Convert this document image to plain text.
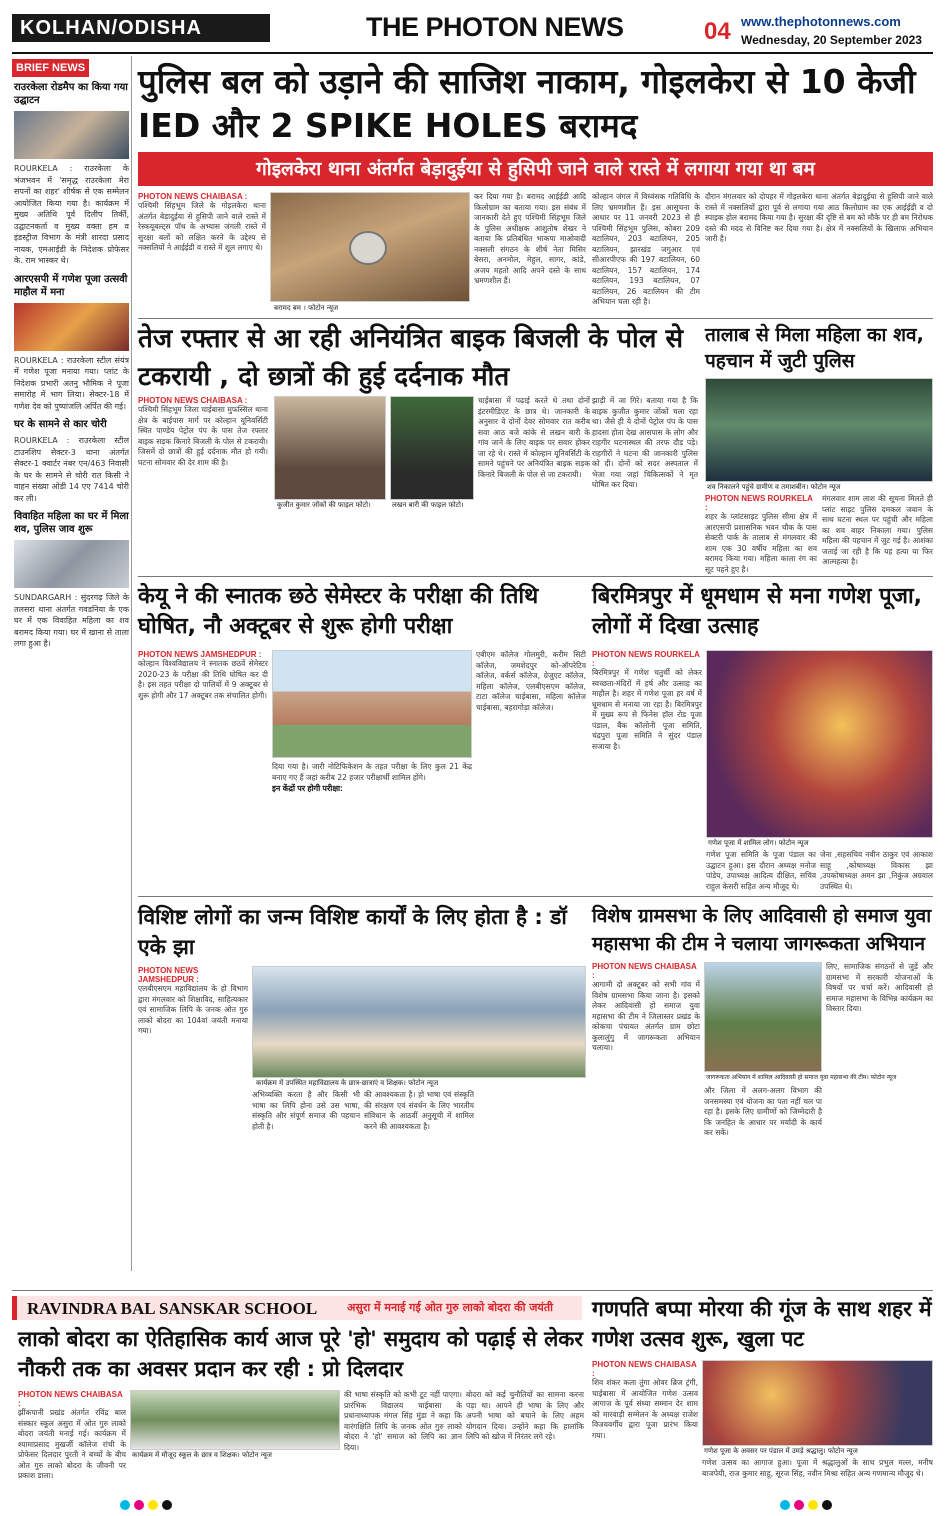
KOLHAN/ODISHA	THE PHOTON NEWS	04 www.thephotonnews.com
Wednesday, 20 September 2023
BRIEF NEWS
राउरकेला रोडमैप का किया गया उद्घाटन
ROURKELA : राउरकेला के भंजभवन में 'समृद्ध राउरकेला मेरा सपनों का शहर' शीर्षक से एक सम्मेलन आयोजित किया गया है। कार्यक्रम में मुख्य अतिथि पूर्व दिलीप तिर्की, उद्घाटनकर्ता व मुख्य वक्ता हम व इंडस्ट्रीज विभाग के मंत्री शारदा प्रसाद नायक, एमआईडी के निदेशक प्रोफेसर के. राम भास्कर थे।
आरएसपी में गणेश पूजा उत्सवी माहौल में मना
ROURKELA : राउरकेला स्टील संयंत्र में गणेश पूजा मनाया गया। प्लांट के निदेशक प्रभारी अतनु भौमिक ने पूजा समारोह में भाग लिया। सेक्टर-18 में गणेश देव को पुष्पांजलि अर्पित की गई।
घर के सामने से कार चोरी
ROURKELA : राउरकेला स्टील टाउनशिप सेक्टर-3 थाना अंतर्गत सेक्टर-1 क्वार्टर नंबर एन/463 निवासी के घर के सामने से चोरी रात किसी ने वाहन संख्या ओडी 14 एए 7414 चोरी कर ली।
विवाहित महिला का घर में मिला शव, पुलिस जाव शुरू
SUNDARGARH : सुंदरगढ़ जिले के तलसरा थाना अंतर्गत गवडनिया के एक घर में एक विवाहित महिला का शव बरामद किया गया। घर में खाना से ताला लगा हुआ है।
पुलिस बल को उड़ाने की साजिश नाकाम, गोइलकेरा से 10 केजी IED और 2 SPIKE HOLES बरामद
गोइलकेरा थाना अंतर्गत बेड़ादुईया से हुसिपी जाने वाले रास्ते में लगाया गया था बम
PHOTON NEWS CHAIBASA :
पश्चिमी सिंहभूम जिले के गोइलकेरा थाना अंतर्गत बेड़ादुईया से हुसिपी जाने वाले रास्ते में रेस्कयूबल्ट्स पॉथ के अभ्यास जंगली रास्ते में सुरक्षा बलों को लक्षित करने के उद्देश्य से नक्सलियों ने आईईडी व रास्ते में शूल लगाए थे।
बरामद बम । फोटोन न्यूज
कर दिया गया है। बरामद आईईडी आदि किलोग्राम का बताया गया। इस संबंध में जानकारी देते हुए पश्चिमी सिंहभूम जिले के पुलिस अधीक्षक आशुतोष शेखर ने बताया कि प्रतिबंधित भाकपा माओवादी नक्सली संगठन के शीर्ष नेता मिसिर बेसरा, अनमोल, मेहुल, सागर, कांडे, अजय महतो आदि अपने दस्ते के साथ भ्रमणशील हैं।
कोल्हान जंगल में विध्वंसक गतिविधि के लिए भ्रमणशील हैं। इस आसूचना के आधार पर 11 जनवरी 2023 से ही पश्चिमी सिंहभूम पुलिस, कोबरा 209 बटालियन, 203 बटालियन, 205 बटालियन, झारखंड जगुआर एवं सीआरपीएफ की 197 बटालियन, 60 बटालियन, 157 बटालियन, 174 बटालियन, 193 बटालियन, 07 बटालियन, 26 बटालियन की टीम अभियान चला रही है।
दौरान मंगलवार को दोपहर में गोइलकेरा थाना अंतर्गत बेड़ादुईया से हुसिपी जाने वाले रास्ते में नक्सलियों द्वारा पूर्व से लगाया गया आठ किलोग्राम का एक आईईडी व दो स्पाइक होल बरामद किया गया है। सुरक्षा की दृष्टि से बम को मौके पर ही बम निरोधक दस्ते की मदद से विनिष्ट कर दिया गया है। क्षेत्र में नक्सलियों के खिलाफ अभियान जारी है।
तेज रफ्तार से आ रही अनियंत्रित बाइक बिजली के पोल से टकरायी , दो छात्रों की हुई दर्दनाक मौत
PHOTON NEWS CHAIBASA :
पश्चिमी सिंहभूम जिला चाईबासा मुफस्सिल थाना क्षेत्र के बाईपास मार्ग पर कोल्हान यूनिवर्सिटी स्थित पाण्डेय पेट्रोल पंप के पास तेज रफ्तार बाइक सड़क किनारे बिजली के पोल से टकरायी। जिसमें दो छात्रों की हुई दर्दनाक मौत हो गयी। घटना सोमवार की देर शाम की है।
कुजीत कुमार जोंकों की फाइल फोटो।	लखन बारी की फाइल फोटो।
चाईबासा में पढ़ाई करते थे तथा दोनों इंटरमीडिएट के छात्र थे। जानकारी के अनुसार वे दोनों देवर सोमवार रात करीब सवा आठ बजे कांके से लखन बारी के गांव जाने के लिए बाइक पर सवार होकर जा रहे थे। रास्ते में कोल्हान यूनिवर्सिटी के सामने पहुंचने पर अनियंत्रित बाइक सड़क किनारे बिजली के पोल से जा टकरायी।
झाड़ी में जा गिरे। बताया गया है कि बाइक कुजीत कुमार जोंकों चला रहा था। जैसे ही ये दोनों पेट्रोल पंप के पास हादसा होता देख आसपास के लोग और राहगीर घटनास्थल की तरफ दौड़ पड़े। राहगीरों ने घटना की जानकारी पुलिस को दी। दोनों को सदर अस्पताल में भेजा गया जहां चिकित्सकों ने मृत घोषित कर दिया।
तालाब से मिला महिला का शव, पहचान में जुटी पुलिस
शव निकालने पहुंचे ग्रामीण व तमाशबीन। फोटोन न्यूज
PHOTON NEWS ROURKELA :
शहर के प्लांटसाइट पुलिस सीमा क्षेत्र में आरएसपी प्रशासनिक भवन चौक के पास सेक्टरी पार्क के तालाब से मंगलवार की शाम एक 30 वर्षीय महिला का शव बरामद किया गया। महिला काला रंग का सूट पहने हुए है।
मंगलवार शाम लाश की सूचना मिलते ही प्लांट साइट पुलिस दमकल जवान के साथ घटना स्थल पर पहुंची और महिला का शव बाहर निकाला गया। पुलिस महिला की पहचान में जुट गई है। आशंका जताई जा रही है कि यह हत्या या फिर आत्महत्या है।
केयू ने की स्नातक छठे सेमेस्टर के परीक्षा की तिथि घोषित, नौ अक्टूबर से शुरू होगी परीक्षा
PHOTON NEWS JAMSHEDPUR :
कोल्हान विश्वविद्यालय ने स्नातक छठवें सेमेस्टर 2020-23 के परीक्षा की तिथि घोषित कर दी है। इस तहत परीक्षा दो पालियों में 9 अक्टूबर से शुरू होगी और 17 अक्टूबर तक संचालित होगी।
दिया गया है। जारी नोटिफिकेशन के तहत परीक्षा के लिए कुल 21 केंद्र बनाए गए हैं जहां करीब 22 हजार परीक्षार्थी शामिल होंगे।
इन केंद्रों पर होगी परीक्षा:
एबीएम कॉलेज गोलमुरी, करीम सिटी कॉलेज, जमशेदपुर को-ऑपरेटिव कॉलेज, वर्कर्स कॉलेज, ग्रेजुएट कॉलेज, महिला कॉलेज, एलबीएसएम कॉलेज, टाटा कॉलेज चाईबासा, महिला कॉलेज चाईबासा, बहरागोड़ा कॉलेज।
बिरमित्रपुर में धूमधाम से मना गणेश पूजा, लोगों में दिखा उत्साह
PHOTON NEWS ROURKELA :
बिरमित्रपुर में गणेश चतुर्थी को लेकर स्वच्छता-मंदिरों में हर्ष और उत्साह का माहौल है। शहर में गणेश पूजा हर वर्ष में धूमधाम से मनाया जा रहा है। बिरमित्रपुर में मुख्य रूप से फिनेस हॉल रोड पूजा पंडाल, बैंक कॉलोनी पूजा समिति, चंद्रपुरा पूजा समिति ने सुंदर पंडाल सजाया है।
गणेश पूजा में शामिल लोग। फोटोन न्यूज
गणेश पूजा समिति के पूजा पंडाल का उद्घाटन हुआ। इस दौरान अध्यक्ष मनोज पांडेय, उपाध्यक्ष आदित्य दीक्षित, सचिव राहुल केसरी सहित अन्य मौजूद थे।
जेना ,सहसचिव नवीन ठाकुर एवं आकाश साहू ,कोषाध्यक्ष विकास झा ,उपकोषाध्यक्ष अमन झा ,निकुंज अग्रवाल उपस्थित थे।
विशिष्ट लोगों का जन्म विशिष्ट कार्यों के लिए होता है : डॉ एके झा
PHOTON NEWS JAMSHEDPUR :
एलबीएसएम महाविद्यालय के हो विभाग द्वारा मंगलवार को शिक्षाविद, साहित्यकार एवं सामाजिक लिपि के जनक ओत गुरु लाको बोदरा का 104वां जयंती मनाया गया।
कार्यक्रम में उपस्थित महाविद्यालय के छात्र-छात्राएं व शिक्षक। फोटोन न्यूज
अभिव्यक्ति करता है और किसी भी भाषा का लिपि होना उसे उस भाषा, संस्कृति और संपूर्ण समाज की पहचान होती है।
की आवश्यकता है। हो भाषा एवं संस्कृति की संरक्षण एवं संवर्धन के लिए भारतीय संविधान के आठवीं अनुसूची में शामिल करने की आवश्यकता है।
विशेष ग्रामसभा के लिए आदिवासी हो समाज युवा महासभा की टीम ने चलाया जागरूकता अभियान
PHOTON NEWS CHAIBASA :
आगामी दो अक्टूबर को सभी गांव में विशेष ग्रामसभा किया जाना है। इसको लेकर आदिवासी हो समाज युवा महासभा की टीम ने जिलास्तर प्रखंड के कोकचा पंचायत अंतर्गत ग्राम छोटा कूलालुंगु में जागरूकता अभियान चलाया।
जागरूकता अभियान में शामिल आदिवासी हो समाज युवा महासभा की टीम। फोटोन न्यूज
और जिला में अलग-अलग विभाग की जनसमस्या एवं योजना का पता नहीं चल पा रहा है। इसके लिए ग्रामीणों को जिम्मेदारी है कि जनहित के आधार पर मर्यादी के कार्य कर सकें।
लिए, सामाजिक संगठनों से जुड़ें और ग्रामसभा में सरकारी योजनाओं के विषयों पर चर्चा करें। आदिवासी हो समाज महासभा के विभिन्न कार्यक्रम का विस्तार दिया।
RAVINDRA BAL SANSKAR SCHOOL	असुरा में मनाई गई ओत गुरु लाको बोदरा की जयंती
लाको बोदरा का ऐतिहासिक कार्य आज पूरे 'हो' समुदाय को पढ़ाई से लेकर नौकरी तक का अवसर प्रदान कर रही : प्रो दिलदार
PHOTON NEWS CHAIBASA :
झींकपानी प्रखंड अंतर्गत रविंद्र बाल संस्कार स्कूल असुरा में ओत गुरु लाको बोदरा जयंती मनाई गई। कार्यक्रम में श्यामाप्रसाद मुखर्जी कॉलेज रांची के प्रोफेसर दिलदार पुरती ने बच्चों के बीच ओत गुरु लाको बोदरा के जीवनी पर प्रकाश डाला।
कार्यक्रम में मौजूद स्कूल के छात्र व शिक्षक। फोटोन न्यूज
की भाषा संस्कृति को कभी टूट नहीं पाएगा। प्रारंभिक विद्यालय चाईबासा के प्रधानाध्यापक मंगल सिंह मुंडा ने कहा कि वारंगक्षिति लिपि के जनक ओत गुरु लाको बोदरा ने 'हो' समाज को लिपि का ज्ञान दिया।
बोदरा को कई चुनौतियों का सामना करना पड़ा था। आपने ही भाषा के लिए और अपनी भाषा को बचाने के लिए अहम योगदान दिया। उन्होंने कहा कि हालांकि लिपि को खोज में निरंतर लगे रहे।
गणपति बप्पा मोरया की गूंज के साथ शहर में गणेश उत्सव शुरू, खुला पट
PHOTON NEWS CHAIBASA :
शिव शंकर कला तुंगा ओवर ब्रिज ट्रंगी, चाईबासा में आयोजित गणेश उत्सव आगाज के पूर्व संध्या सम्मान देर शाम को मारवाड़ी सम्मेलन के अध्यक्ष राजेश विजयवर्गीय द्वारा पूजा प्रारंभ किया गया।
गणेश पूजा के अवसर पर पंडाल में उमड़े श्रद्धालु। फोटोन न्यूज
गणेश उत्सव का आगाज हुआ। पूजा में श्रद्धालुओं के साथ प्रभुल मल्ल, मनीष बाजपेयी, राज कुमार साहू, सूरज सिंह, नवीन मिश्रा सहित अन्य गणमान्य मौजूद थे।
